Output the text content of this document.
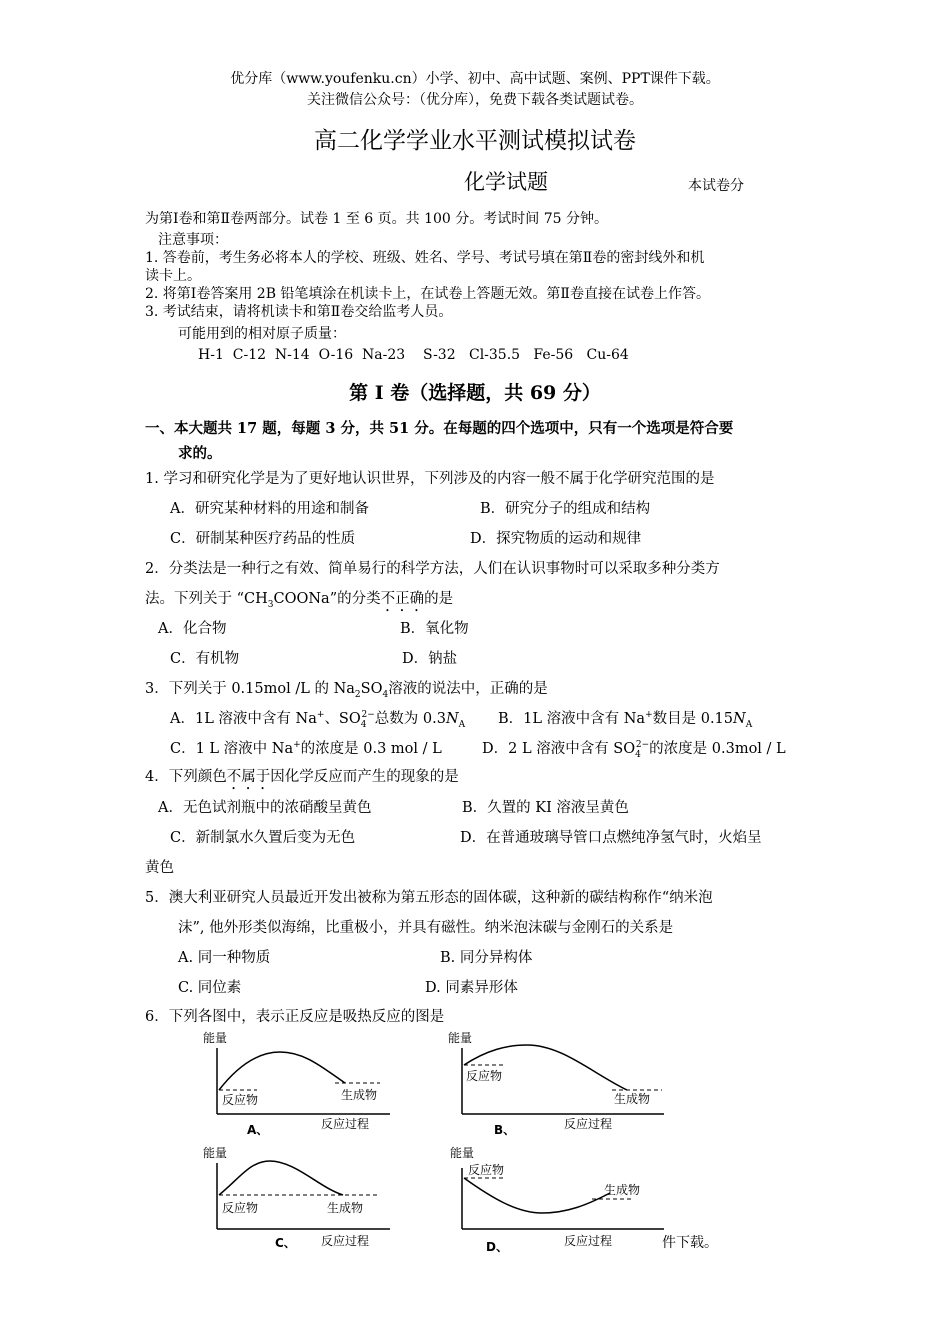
优分库（www.youfenku.cn）小学、初中、高中试题、案例、PPT课件下载。
关注微信公众号：（优分库），免费下载各类试题试卷。
高二化学学业水平测试模拟试卷
化学试题	本试卷分
为第Ⅰ卷和第Ⅱ卷两部分。试卷 1 至 6 页。共 100 分。考试时间 75 分钟。
注意事项：
1. 答卷前，考生务必将本人的学校、班级、姓名、学号、考试号填在第Ⅱ卷的密封线外和机
读卡上。
2. 将第Ⅰ卷答案用 2B 铅笔填涂在机读卡上，在试卷上答题无效。第Ⅱ卷直接在试卷上作答。
3. 考试结束，请将机读卡和第Ⅱ卷交给监考人员。
可能用到的相对原子质量：
H-1  C-12  N-14  O-16  Na-23    S-32   Cl-35.5   Fe-56   Cu-64
第 I 卷（选择题，共 69 分）
一、本大题共 17 题，每题 3 分，共 51 分。在每题的四个选项中，只有一个选项是符合要
求的。
1. 学习和研究化学是为了更好地认识世界，下列涉及的内容一般不属于化学研究范围的是
A．研究某种材料的用途和制备	B．研究分子的组成和结构
C．研制某种医疗药品的性质	D．探究物质的运动和规律
2．分类法是一种行之有效、简单易行的科学方法，人们在认识事物时可以采取多种分类方
法。下列关于 “$CH_3COONa$”的分类不正确的是
A．化合物	B．氧化物
C．有机物	D．钠盐
3．下列关于 0.15mol /L 的 $Na_2SO_4$溶液的说法中，正确的是
A．1L 溶液中含有 Na+、$SO_4^{2-}$总数为 $0.3N_A$ B．1L 溶液中含有 Na+数目是 $0.15N_A$
C．1 L 溶液中 Na+的浓度是 0.3 mol / L	D．2 L 溶液中含有 $SO_4^{2-}$的浓度是 0.3mol / L
4．下列颜色不属于因化学反应而产生的现象的是
A．无色试剂瓶中的浓硝酸呈黄色	B．久置的 KI 溶液呈黄色
C．新制氯水久置后变为无色	D．在普通玻璃导管口点燃纯净氢气时，火焰呈
黄色
5．澳大利亚研究人员最近开发出被称为第五形态的固体碳，这种新的碳结构称作“纳米泡
沫”, 他外形类似海绵，比重极小，并具有磁性。纳米泡沫碳与金刚石的关系是
A. 同一种物质	B. 同分异构体
C. 同位素	D. 同素异形体
6．下列各图中，表示正反应是吸热反应的图是
能量
反应物	生成物
A、	反应过程
能量
反应物
生成物
B、	反应过程
能量
反应物	生成物
C、 反应过程
能量
反应物
生成物
D、	反应过程	件下载。
